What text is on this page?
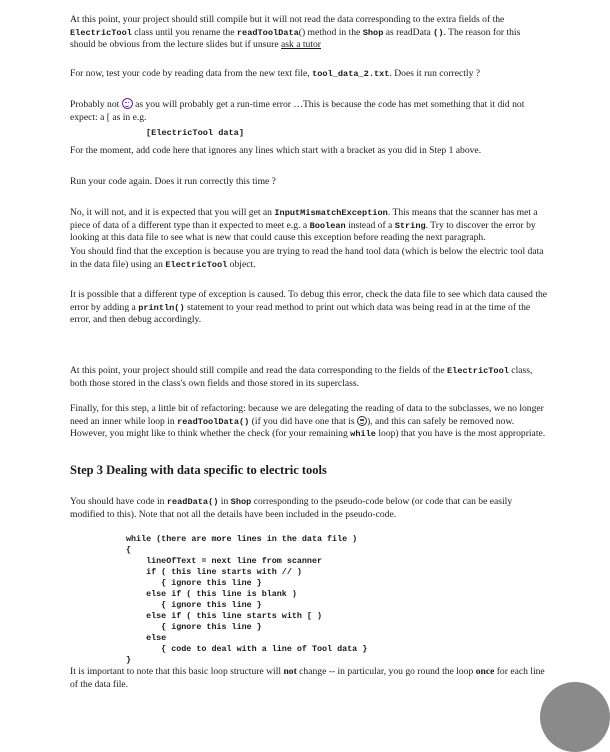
At this point, your project should still compile but it will not read the data corresponding to the extra fields of the ElectricTool class until you rename the readToolData() method in the Shop as readData (). The reason for this should be obvious from the lecture slides but if unsure ask a tutor

For now, test your code by reading data from the new text file, tool_data_2.txt. Does it run correctly ?

Probably not
as you will probably get a run-time error …This is because the code has met something that it did not expect: a [ as in e.g.

[ElectricTool data]

For the moment, add code here that ignores any lines which start with a bracket as you did in Step 1 above.

Run your code again. Does it run correctly this time ?

No, it will not, and it is expected that you will get an InputMismatchException. This means that the scanner has met a piece of data of a different type than it expected to meet e.g. a Boolean instead of a String. Try to discover the error by looking at this data file to see what is new that could cause this exception before reading the next paragraph.

You should find that the exception is because you are trying to read the hand tool data (which is below the electric tool data in the data file) using an ElectricTool object.

It is possible that a different type of exception is caused. To debug this error, check the data file to see which data caused the error by adding a println() statement to your read method to print out which data was being read in at the time of the error, and then debug accordingly.

At this point, your project should still compile and read the data corresponding to the fields of the ElectricTool class, both those stored in the class's own fields and those stored in its superclass.

Finally, for this step, a little bit of refactoring: because we are delegating the reading of data to the subclasses, we no longer need an inner while loop in readToolData() (if you did have one that is
), and this can safely be removed now. However, you might like to think whether the check (for your remaining while loop) that you have is the most appropriate.

Step 3 Dealing with data specific to electric tools

You should have code in readData() in Shop corresponding to the pseudo-code below (or code that can be easily modified to this). Note that not all the details have been included in the pseudo-code.

while (there are more lines in the data file )
{
lineOfText = next line from scanner
if ( this line starts with // )
{ ignore this line }
else if ( this line is blank )
{ ignore this line }
else if ( this line starts with [ )
{ ignore this line }
else
{ code to deal with a line of Tool data }
}

It is important to note that this basic loop structure will not change -- in particular, you go round the loop once for each line of the data file.
